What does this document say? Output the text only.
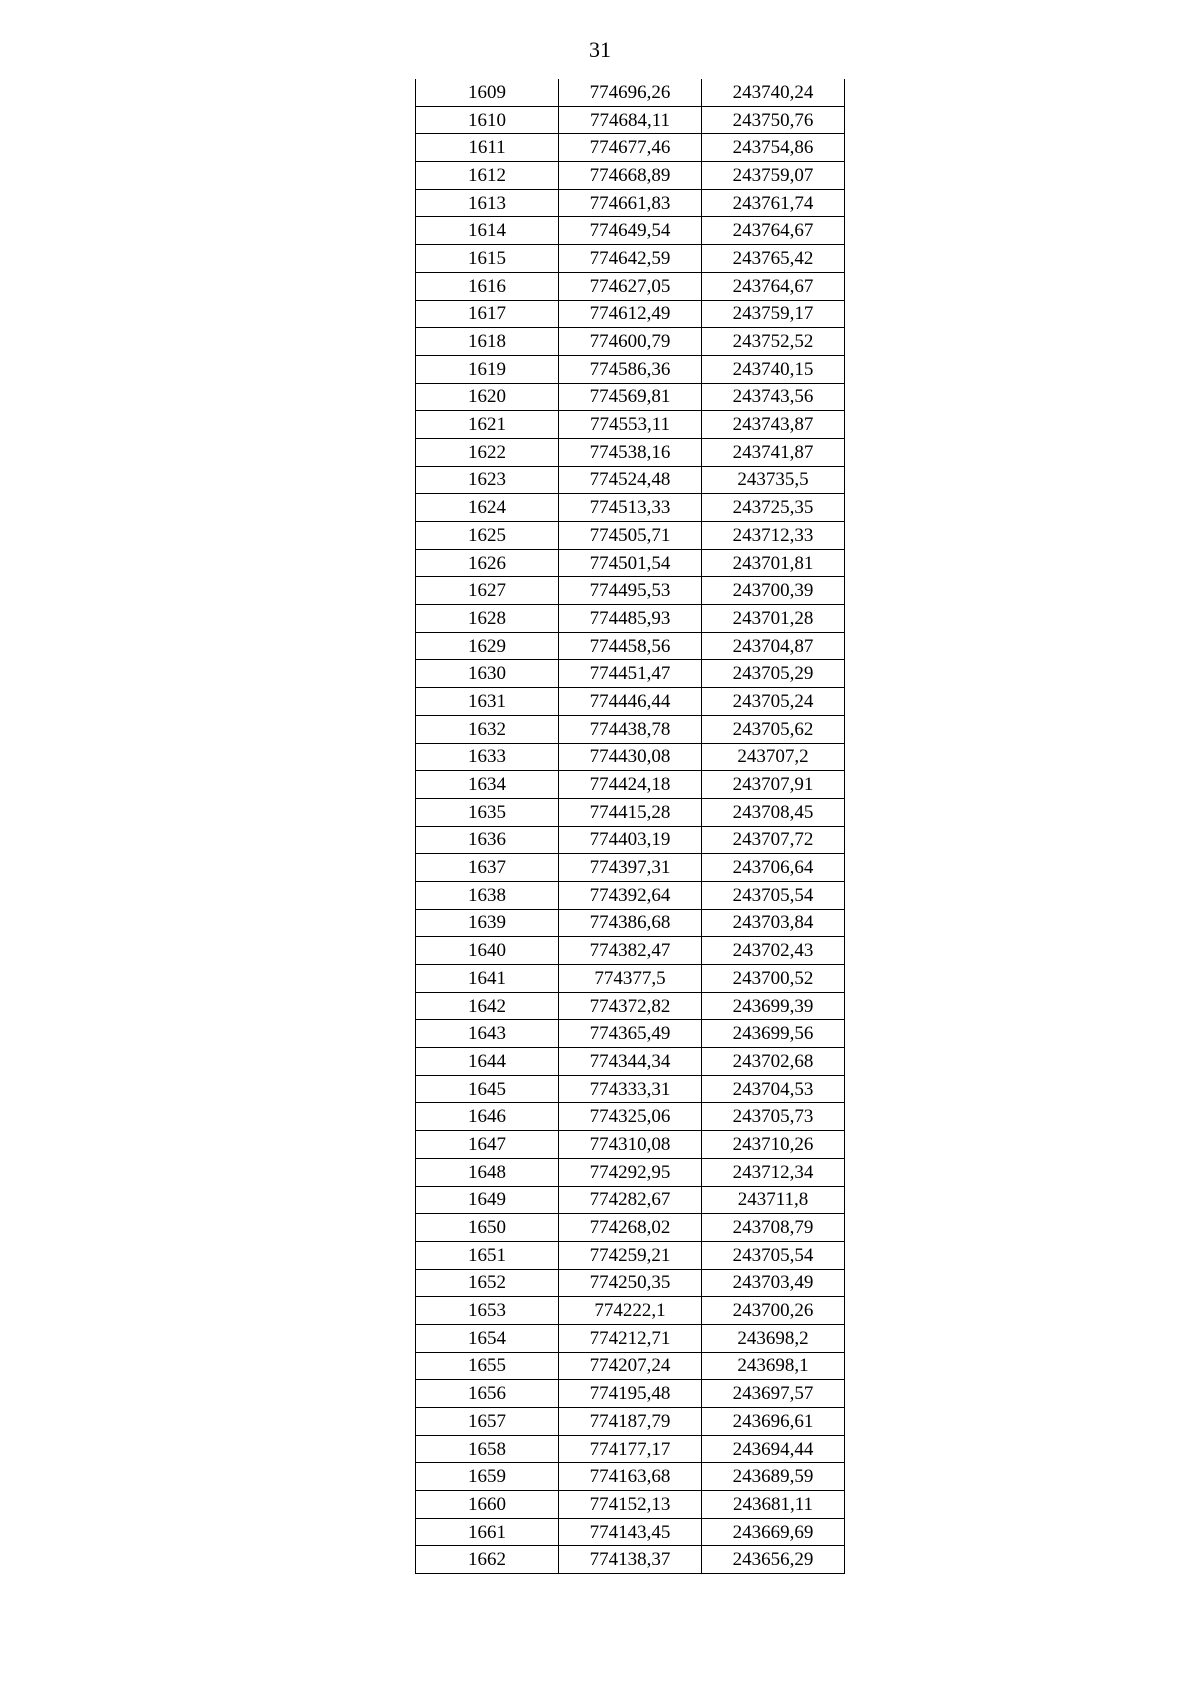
31
1609	774696,26	243740,24
1610	774684,11	243750,76
1611	774677,46	243754,86
1612	774668,89	243759,07
1613	774661,83	243761,74
1614	774649,54	243764,67
1615	774642,59	243765,42
1616	774627,05	243764,67
1617	774612,49	243759,17
1618	774600,79	243752,52
1619	774586,36	243740,15
1620	774569,81	243743,56
1621	774553,11	243743,87
1622	774538,16	243741,87
1623	774524,48	243735,5
1624	774513,33	243725,35
1625	774505,71	243712,33
1626	774501,54	243701,81
1627	774495,53	243700,39
1628	774485,93	243701,28
1629	774458,56	243704,87
1630	774451,47	243705,29
1631	774446,44	243705,24
1632	774438,78	243705,62
1633	774430,08	243707,2
1634	774424,18	243707,91
1635	774415,28	243708,45
1636	774403,19	243707,72
1637	774397,31	243706,64
1638	774392,64	243705,54
1639	774386,68	243703,84
1640	774382,47	243702,43
1641	774377,5	243700,52
1642	774372,82	243699,39
1643	774365,49	243699,56
1644	774344,34	243702,68
1645	774333,31	243704,53
1646	774325,06	243705,73
1647	774310,08	243710,26
1648	774292,95	243712,34
1649	774282,67	243711,8
1650	774268,02	243708,79
1651	774259,21	243705,54
1652	774250,35	243703,49
1653	774222,1	243700,26
1654	774212,71	243698,2
1655	774207,24	243698,1
1656	774195,48	243697,57
1657	774187,79	243696,61
1658	774177,17	243694,44
1659	774163,68	243689,59
1660	774152,13	243681,11
1661	774143,45	243669,69
1662	774138,37	243656,29
